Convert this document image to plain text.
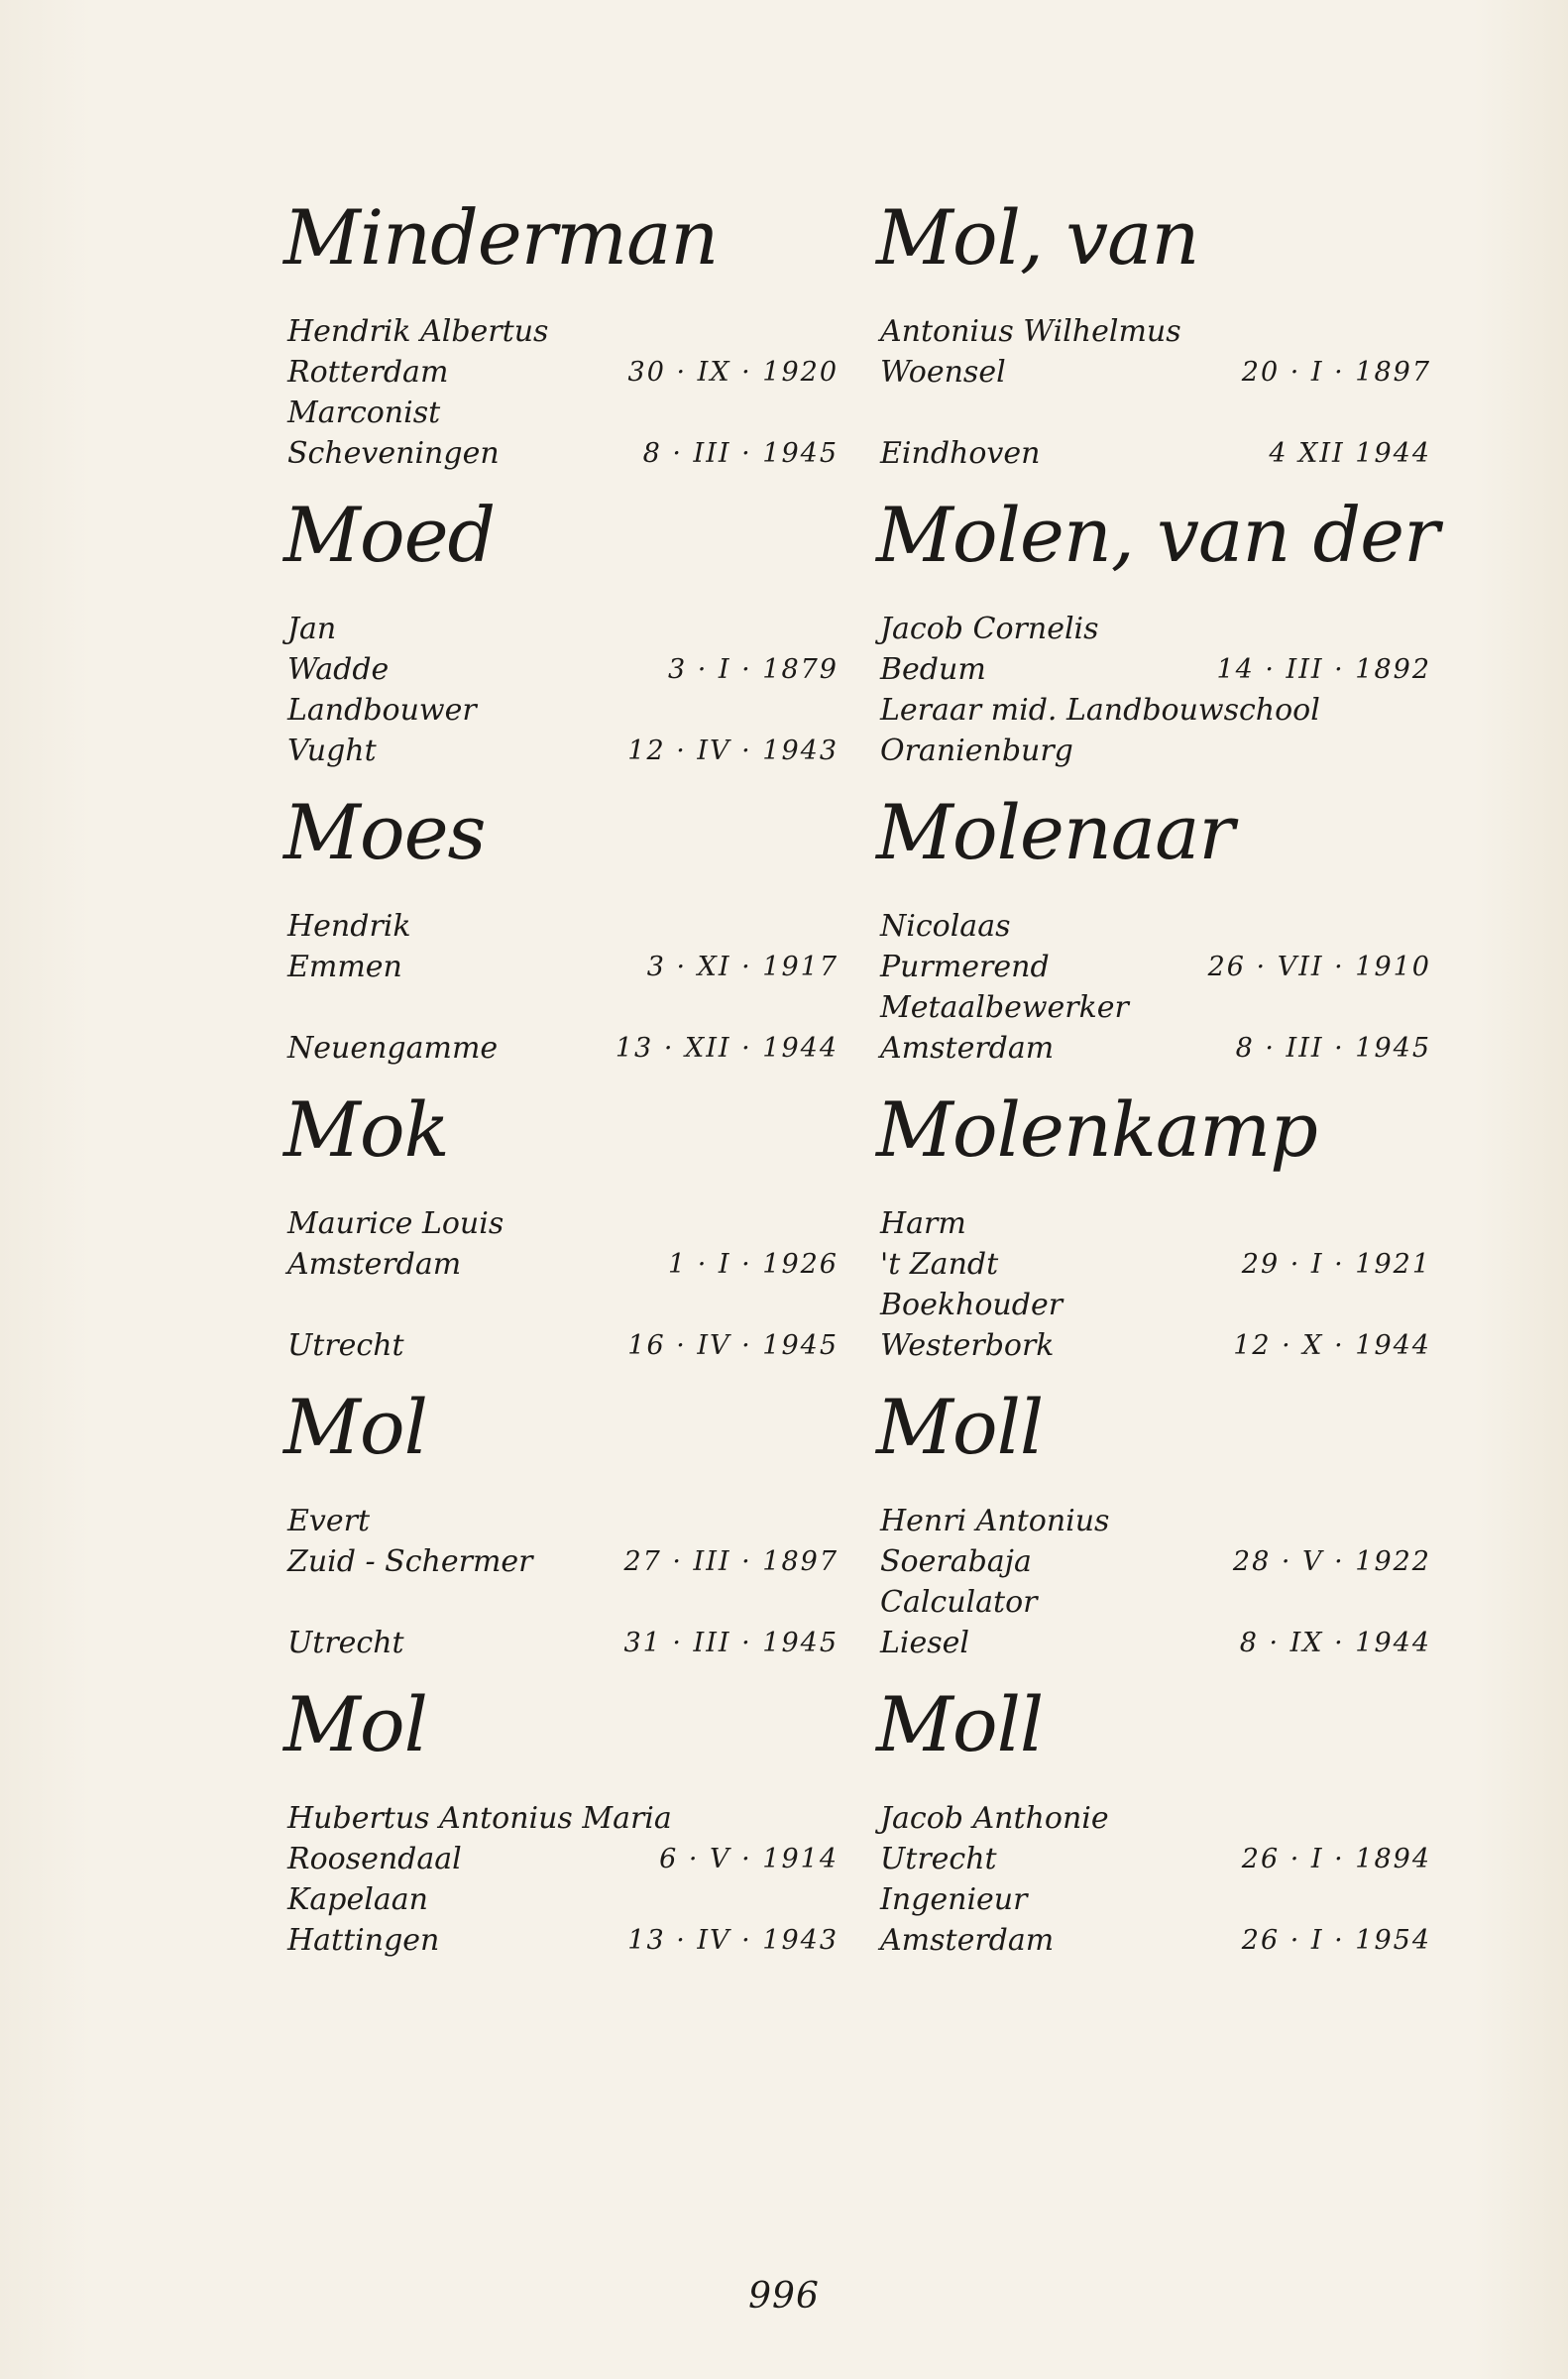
Minderman
Hendrik Albertus
Rotterdam	30 · IX · 1920
Marconist
Scheveningen	8 · III · 1945
Moed
Jan
Wadde	3 · I · 1879
Landbouwer
Vught	12 · IV · 1943
Moes
Hendrik
Emmen	3 · XI · 1917
Neuengamme	13 · XII · 1944
Mok
Maurice Louis
Amsterdam	1 · I · 1926
Utrecht	16 · IV · 1945
Mol
Evert
Zuid - Schermer	27 · III · 1897
Utrecht	31 · III · 1945
Mol
Hubertus Antonius Maria
Roosendaal	6 · V · 1914
Kapelaan
Hattingen	13 · IV · 1943
Mol, van
Antonius Wilhelmus
Woensel	20 · I · 1897
Eindhoven	4 XII 1944
Molen, van der
Jacob Cornelis
Bedum	14 · III · 1892
Leraar mid. Landbouwschool
Oranienburg
Molenaar
Nicolaas
Purmerend	26 · VII · 1910
Metaalbewerker
Amsterdam	8 · III · 1945
Molenkamp
Harm
't Zandt	29 · I · 1921
Boekhouder
Westerbork	12 · X · 1944
Moll
Henri Antonius
Soerabaja	28 · V · 1922
Calculator
Liesel	8 · IX · 1944
Moll
Jacob Anthonie
Utrecht	26 · I · 1894
Ingenieur
Amsterdam	26 · I · 1954
996
